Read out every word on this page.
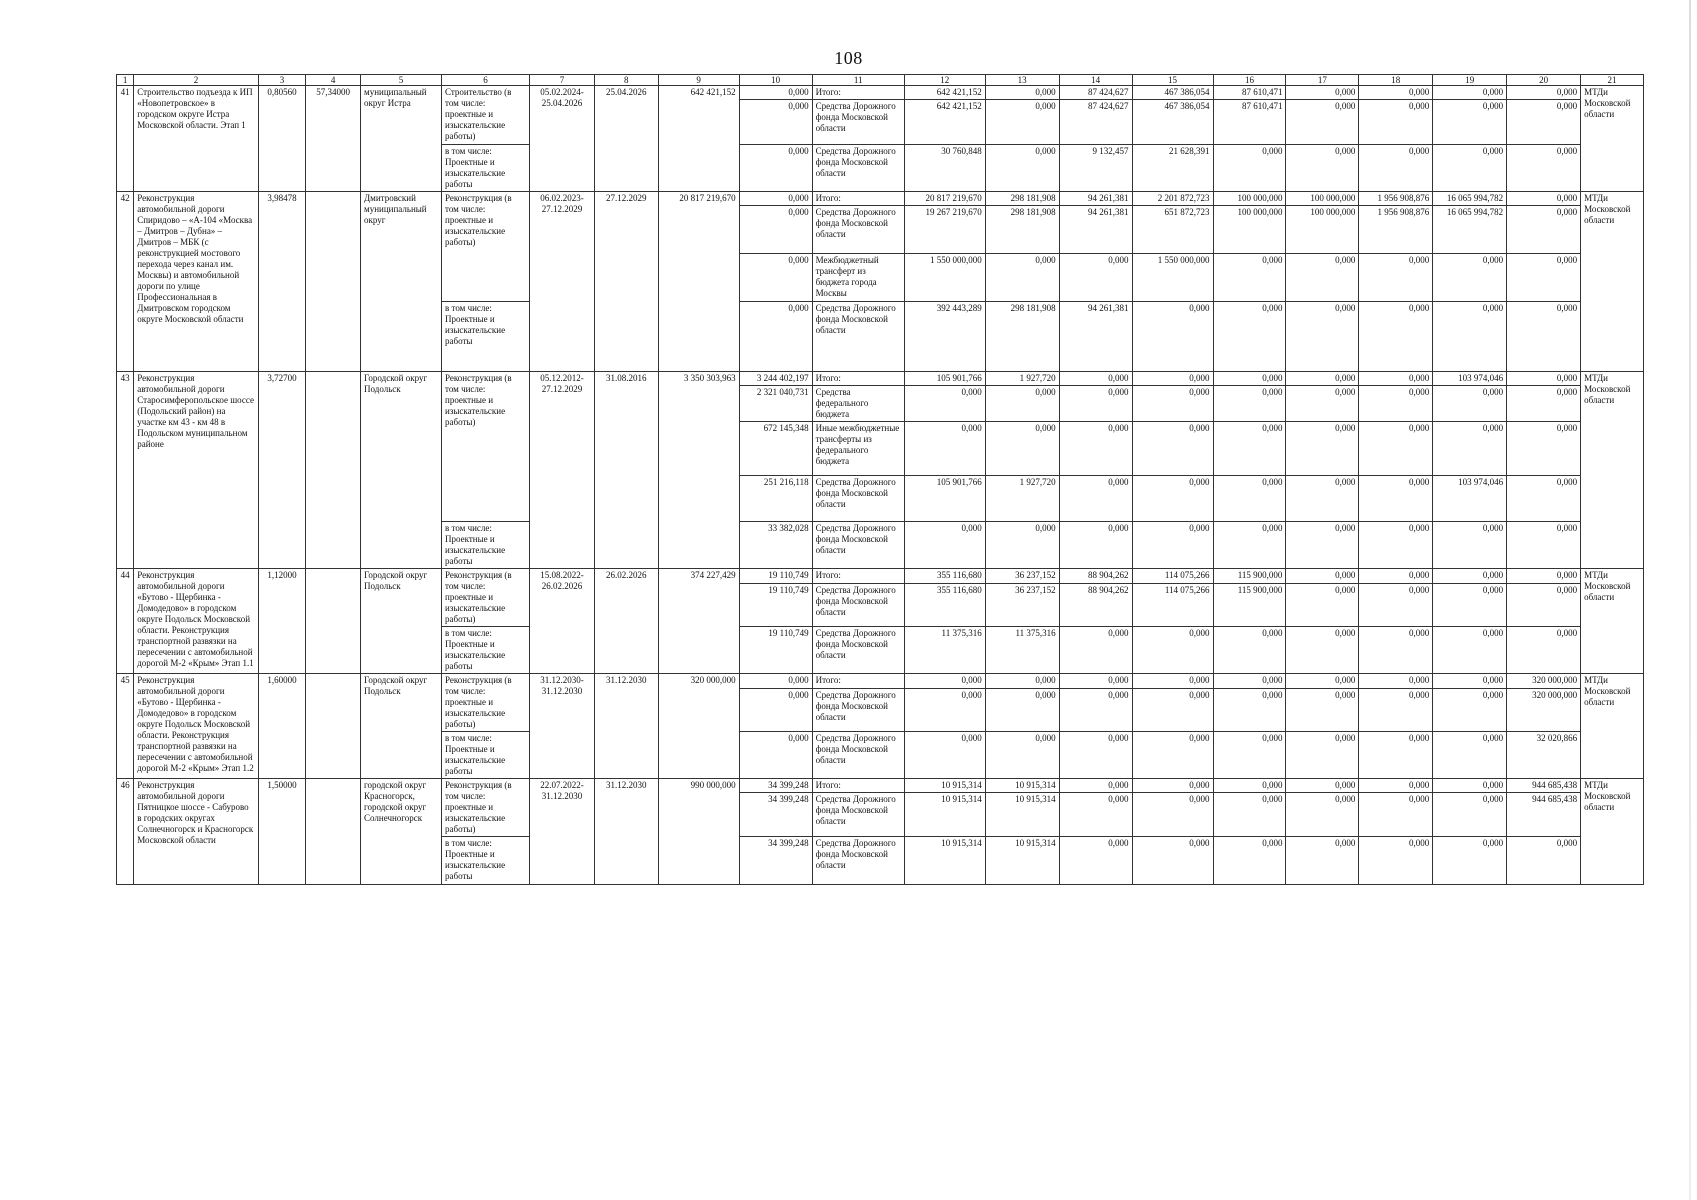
108
1	2	3	4	5	6	7	8	9	10	11	12	13	14	15	16	17	18	19	20	21
41	Строительство подъезда к ИП «Новопетровское» в городском округе Истра Московской области. Этап 1	0,80560	57,34000	муниципальный округ Истра	Строительство (в том числе: проектные и изыскательские работы)	05.02.2024-25.04.2026	25.04.2026	642 421,152	0,000	Итого:	642 421,152	0,000	87 424,627	467 386,054	87 610,471	0,000	0,000	0,000	0,000	МТДи Московской области
									0,000	Средства Дорожного фонда Московской области	642 421,152	0,000	87 424,627	467 386,054	87 610,471	0,000	0,000	0,000	0,000	
					в том числе: Проектные и изыскательские работы				0,000	Средства Дорожного фонда Московской области	30 760,848	0,000	9 132,457	21 628,391	0,000	0,000	0,000	0,000	0,000	
42	Реконструкция автомобильной дороги Спиридово – «А-104 «Москва – Дмитров – Дубна» – Дмитров – МБК (с реконструкцией мостового перехода через канал им. Москвы) и автомобильной дороги по улице Профессиональная в Дмитровском городском округе Московской области	3,98478		Дмитровский муниципальный округ	Реконструкция (в том числе: проектные и изыскательские работы)	06.02.2023-27.12.2029	27.12.2029	20 817 219,670	0,000	Итого:	20 817 219,670	298 181,908	94 261,381	2 201 872,723	100 000,000	100 000,000	1 956 908,876	16 065 994,782	0,000	МТДи Московской области
									0,000	Средства Дорожного фонда Московской области	19 267 219,670	298 181,908	94 261,381	651 872,723	100 000,000	100 000,000	1 956 908,876	16 065 994,782	0,000	
									0,000	Межбюджетный трансферт из бюджета города Москвы	1 550 000,000	0,000	0,000	1 550 000,000	0,000	0,000	0,000	0,000	0,000	
					в том числе: Проектные и изыскательские работы				0,000	Средства Дорожного фонда Московской области	392 443,289	298 181,908	94 261,381	0,000	0,000	0,000	0,000	0,000	0,000	
43	Реконструкция автомобильной дороги Старосимферопольское шоссе (Подольский район) на участке км 43 - км 48 в Подольском муниципальном районе	3,72700		Городской округ Подольск	Реконструкция (в том числе: проектные и изыскательские работы)	05.12.2012-27.12.2029	31.08.2016	3 350 303,963	3 244 402,197	Итого:	105 901,766	1 927,720	0,000	0,000	0,000	0,000	0,000	103 974,046	0,000	МТДи Московской области
									2 321 040,731	Средства федерального бюджета	0,000	0,000	0,000	0,000	0,000	0,000	0,000	0,000	0,000	
									672 145,348	Иные межбюджетные трансферты из федерального бюджета	0,000	0,000	0,000	0,000	0,000	0,000	0,000	0,000	0,000	
									251 216,118	Средства Дорожного фонда Московской области	105 901,766	1 927,720	0,000	0,000	0,000	0,000	0,000	103 974,046	0,000	
					в том числе: Проектные и изыскательские работы				33 382,028	Средства Дорожного фонда Московской области	0,000	0,000	0,000	0,000	0,000	0,000	0,000	0,000	0,000	
44	Реконструкция автомобильной дороги «Бутово - Щербинка - Домодедово» в городском округе Подольск Московской области. Реконструкция транспортной развязки на пересечении с автомобильной дорогой М-2 «Крым» Этап 1.1	1,12000		Городской округ Подольск	Реконструкция (в том числе: проектные и изыскательские работы)	15.08.2022-26.02.2026	26.02.2026	374 227,429	19 110,749	Итого:	355 116,680	36 237,152	88 904,262	114 075,266	115 900,000	0,000	0,000	0,000	0,000	МТДи Московской области
									19 110,749	Средства Дорожного фонда Московской области	355 116,680	36 237,152	88 904,262	114 075,266	115 900,000	0,000	0,000	0,000	0,000	
					в том числе: Проектные и изыскательские работы				19 110,749	Средства Дорожного фонда Московской области	11 375,316	11 375,316	0,000	0,000	0,000	0,000	0,000	0,000	0,000	
45	Реконструкция автомобильной дороги «Бутово - Щербинка - Домодедово» в городском округе Подольск Московской области. Реконструкция транспортной развязки на пересечении с автомобильной дорогой М-2 «Крым» Этап 1.2	1,60000		Городской округ Подольск	Реконструкция (в том числе: проектные и изыскательские работы)	31.12.2030-31.12.2030	31.12.2030	320 000,000	0,000	Итого:	0,000	0,000	0,000	0,000	0,000	0,000	0,000	0,000	320 000,000	МТДи Московской области
									0,000	Средства Дорожного фонда Московской области	0,000	0,000	0,000	0,000	0,000	0,000	0,000	0,000	320 000,000	
					в том числе: Проектные и изыскательские работы				0,000	Средства Дорожного фонда Московской области	0,000	0,000	0,000	0,000	0,000	0,000	0,000	0,000	32 020,866	
46	Реконструкция автомобильной дороги Пятницкое шоссе - Сабурово в городских округах Солнечногорск и Красногорск Московской области	1,50000		городской округ Красногорск, городской округ Солнечногорск	Реконструкция (в том числе: проектные и изыскательские работы)	22.07.2022-31.12.2030	31.12.2030	990 000,000	34 399,248	Итого:	10 915,314	10 915,314	0,000	0,000	0,000	0,000	0,000	0,000	944 685,438	МТДи Московской области
									34 399,248	Средства Дорожного фонда Московской области	10 915,314	10 915,314	0,000	0,000	0,000	0,000	0,000	0,000	944 685,438	
					в том числе: Проектные и изыскательские работы				34 399,248	Средства Дорожного фонда Московской области	10 915,314	10 915,314	0,000	0,000	0,000	0,000	0,000	0,000	0,000	
